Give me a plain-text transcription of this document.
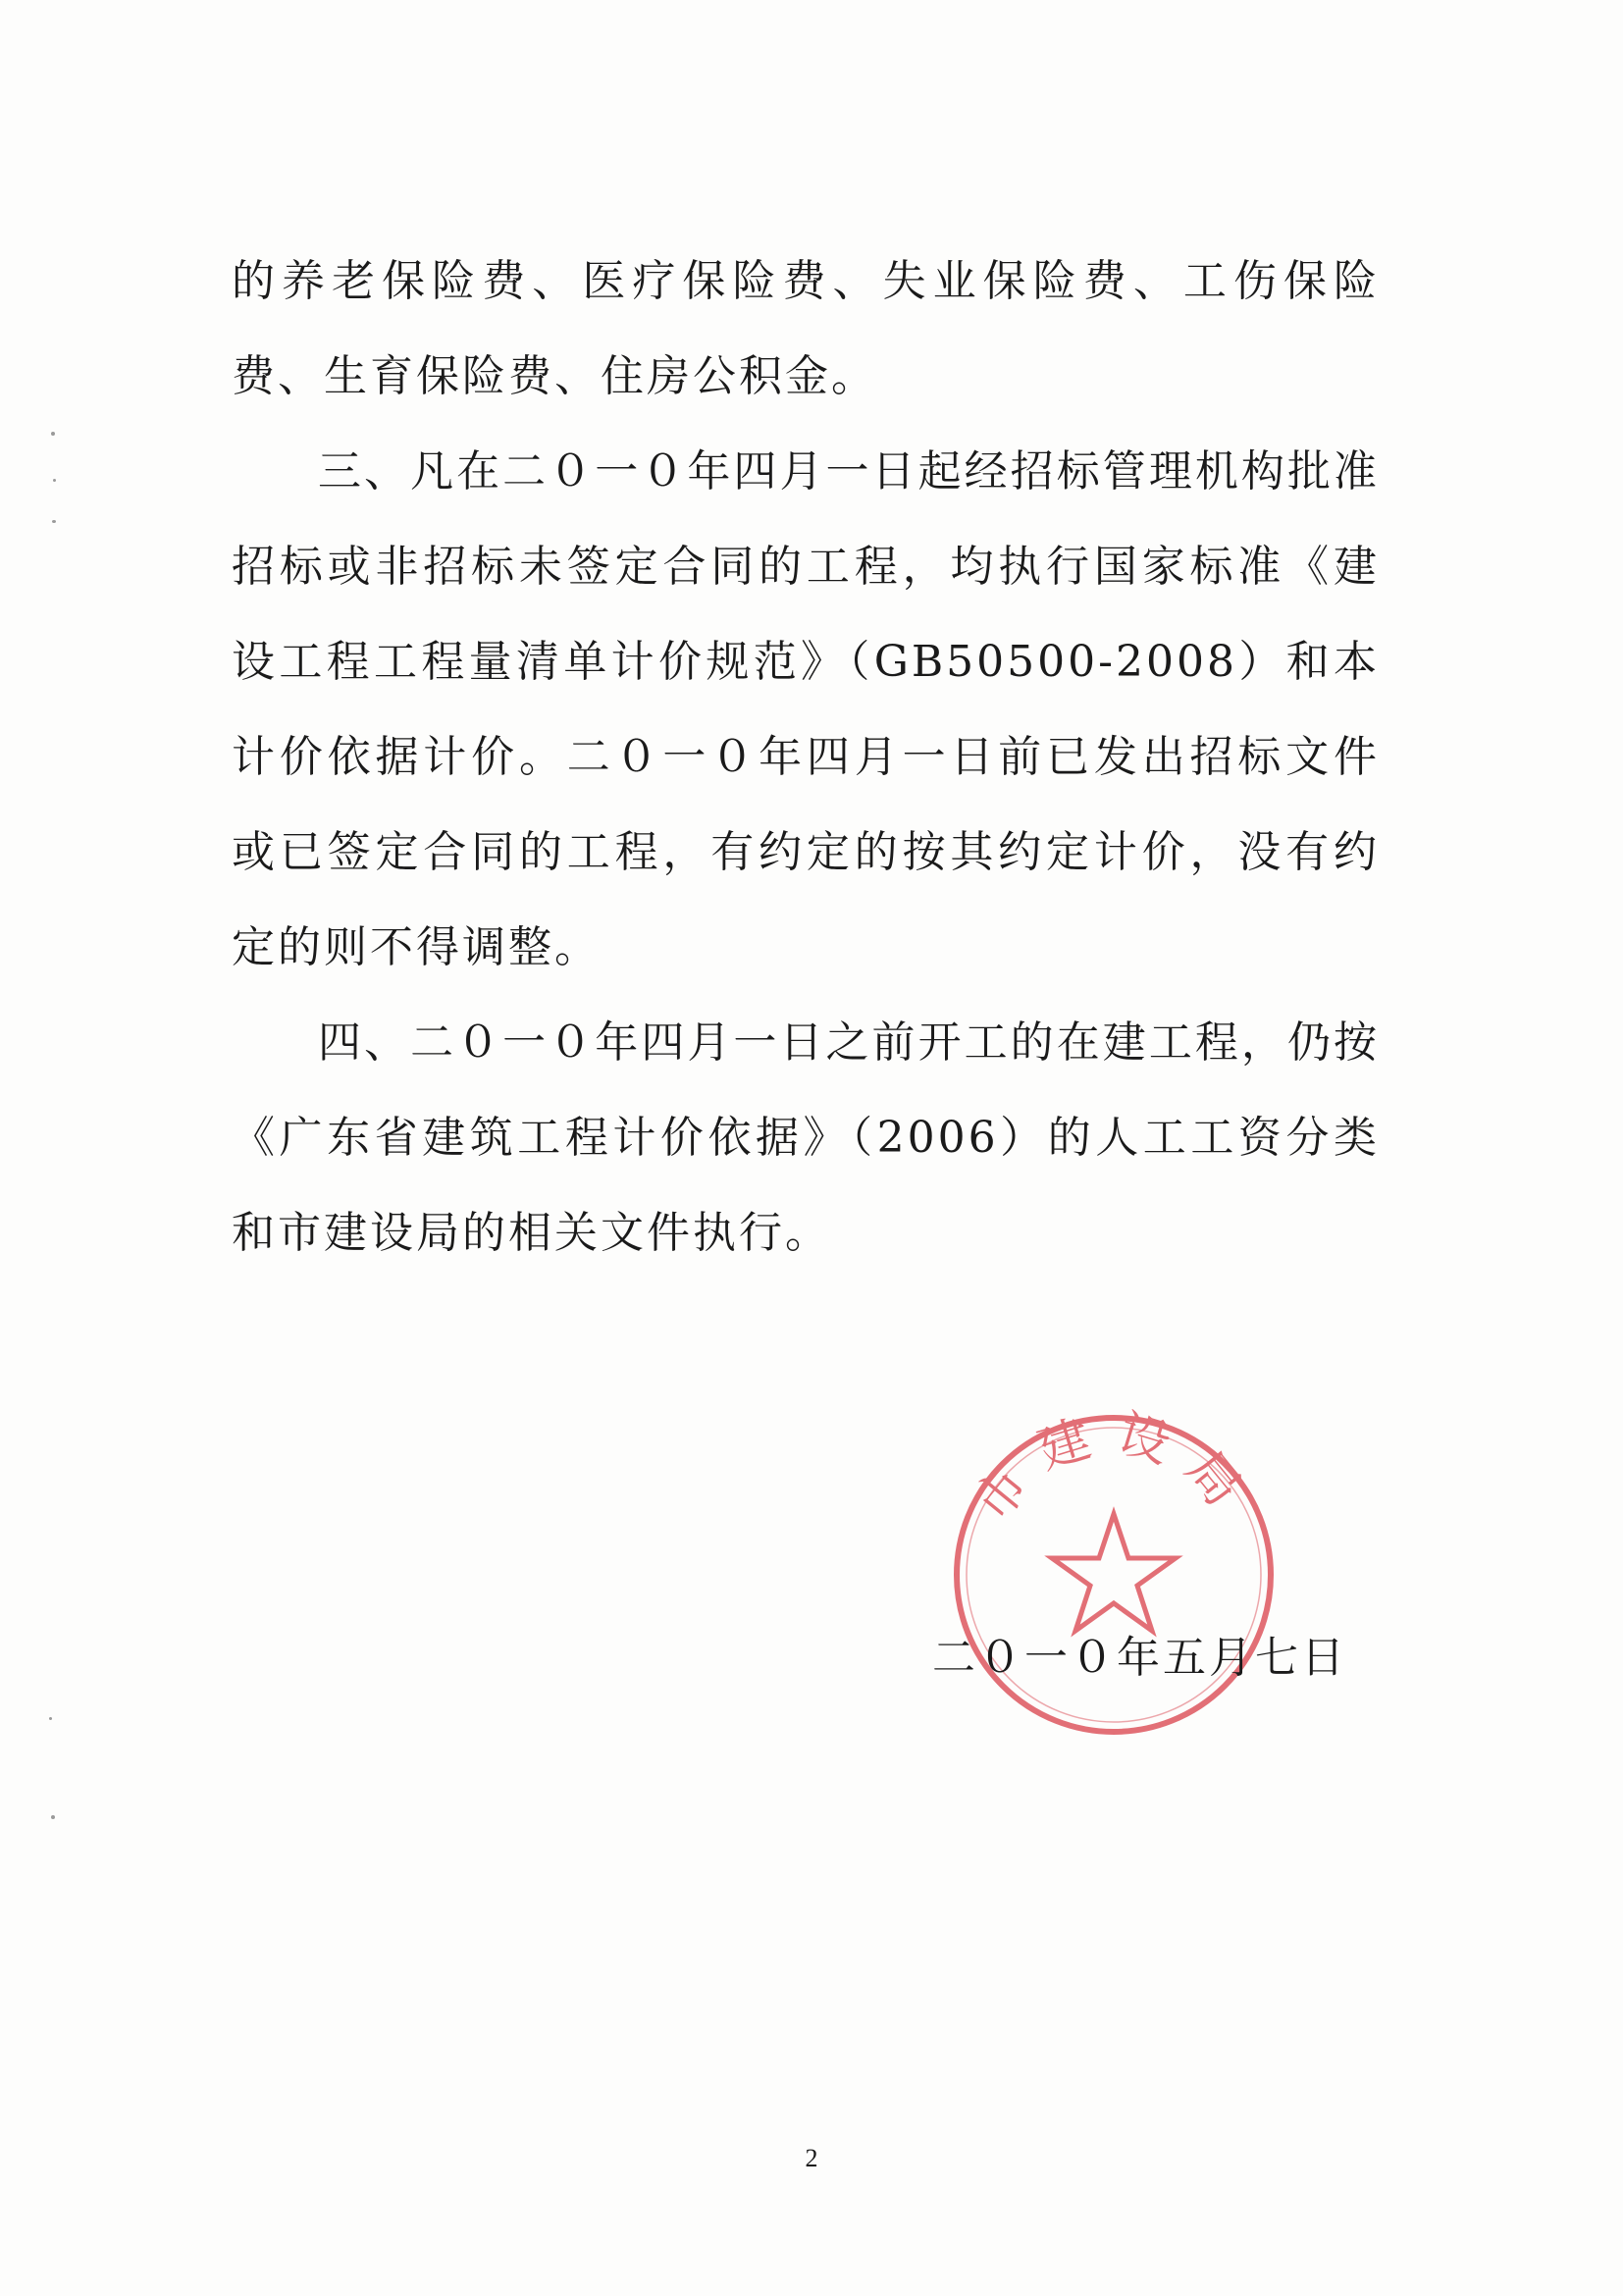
的养老保险费、医疗保险费、失业保险费、工伤保险费、生育保险费、住房公积金。

三、凡在二０一０年四月一日起经招标管理机构批准招标或非招标未签定合同的工程，均执行国家标准《建设工程工程量清单计价规范》（GB50500-2008）和本计价依据计价。二０一０年四月一日前已发出招标文件或已签定合同的工程，有约定的按其约定计价，没有约定的则不得调整。

四、二０一０年四月一日之前开工的在建工程，仍按《广东省建筑工程计价依据》（2006）的人工工资分类和市建设局的相关文件执行。

市建设局
二０一０年五月七日
2
